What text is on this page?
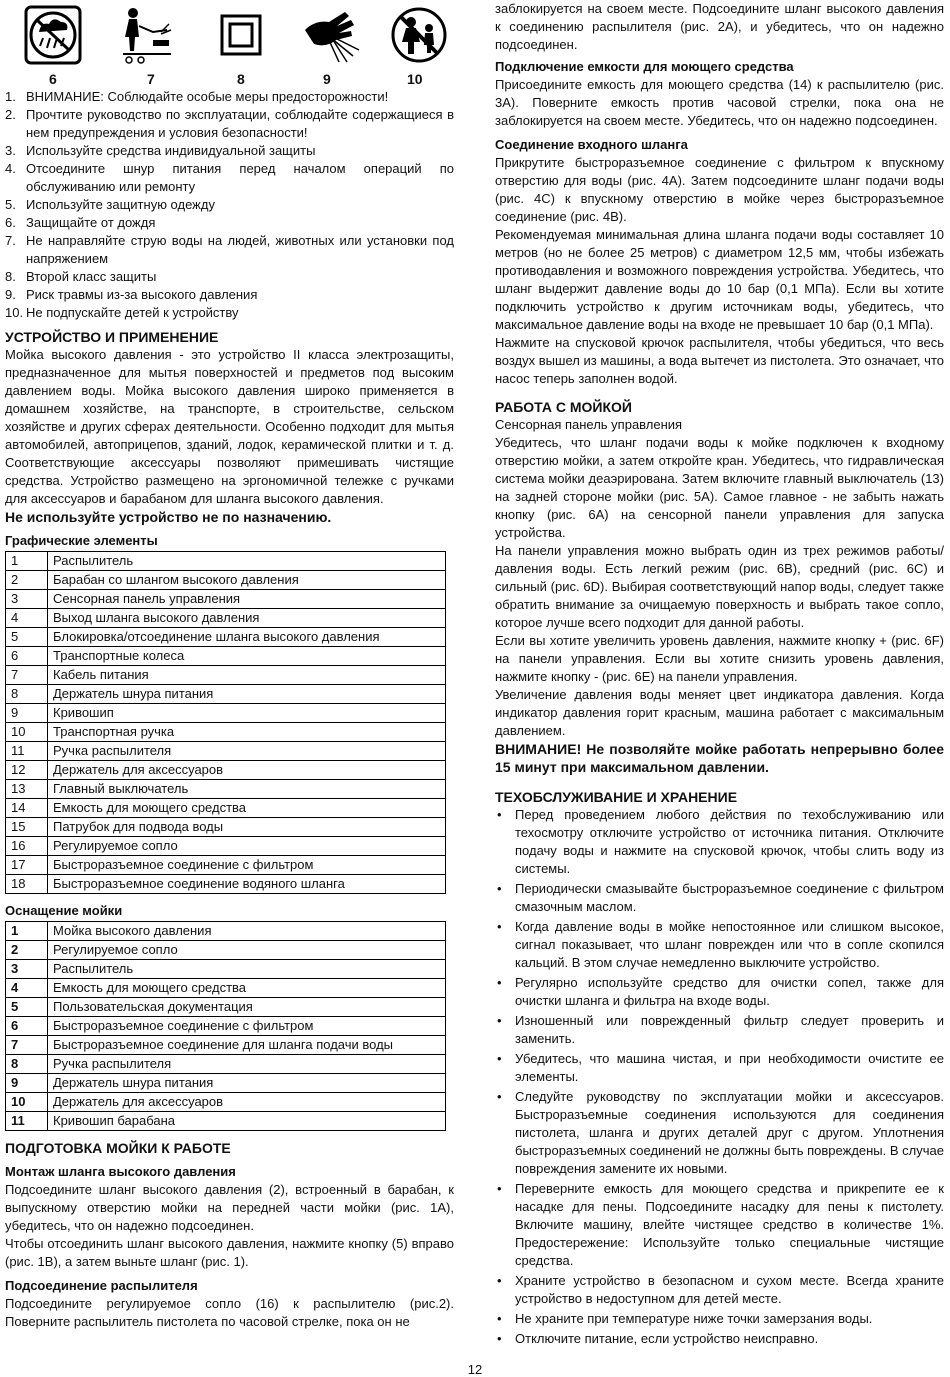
6	7	8	9	10
1. ВНИМАНИЕ: Соблюдайте особые меры предосторожности!
2. Прочтите руководство по эксплуатации, соблюдайте содержащиеся в нем предупреждения и условия безопасности!
3. Используйте средства индивидуальной защиты
4. Отсоедините шнур питания перед началом операций по обслуживанию или ремонту
5. Используйте защитную одежду
6. Защищайте от дождя
7. Не направляйте струю воды на людей, животных или установки под напряжением
8. Второй класс защиты
9. Риск травмы из-за высокого давления
10. Не подпускайте детей к устройству
УСТРОЙСТВО И ПРИМЕНЕНИЕ

Мойка высокого давления - это устройство II класса электрозащиты, предназначенное для мытья поверхностей и предметов под высоким давлением воды. Мойка высокого давления широко применяется в домашнем хозяйстве, на транспорте, в строительстве, сельском хозяйстве и других сферах деятельности. Особенно подходит для мытья автомобилей, автоприцепов, зданий, лодок, керамической плитки и т. д. Соответствующие аксессуары позволяют примешивать чистящие средства. Устройство размещено на эргономичной тележке с ручками для аксессуаров и барабаном для шланга высокого давления.

Не используйте устройство не по назначению.
Графические элементы
1	Распылитель
2	Барабан со шлангом высокого давления
3	Сенсорная панель управления
4	Выход шланга высокого давления
5	Блокировка/отсоединение шланга высокого давления
6	Транспортные колеса
7	Кабель питания
8	Держатель шнура питания
9	Кривошип
10	Транспортная ручка
11	Ручка распылителя
12	Держатель для аксессуаров
13	Главный выключатель
14	Емкость для моющего средства
15	Патрубок для подвода воды
16	Регулируемое сопло
17	Быстроразъемное соединение с фильтром
18	Быстроразъемное соединение водяного шланга
Оснащение мойки
1	Мойка высокого давления
2	Регулируемое сопло
3	Распылитель
4	Емкость для моющего средства
5	Пользовательская документация
6	Быстроразъемное соединение с фильтром
7	Быстроразъемное соединение для шланга подачи воды
8	Ручка распылителя
9	Держатель шнура питания
10	Держатель для аксессуаров
11	Кривошип барабана
ПОДГОТОВКА МОЙКИ К РАБОТЕ
Монтаж шланга высокого давления

Подсоедините шланг высокого давления (2), встроенный в барабан, к выпускному отверстию мойки на передней части мойки (рис. 1A), убедитесь, что он надежно подсоединен.

Чтобы отсоединить шланг высокого давления, нажмите кнопку (5) вправо (рис. 1B), а затем выньте шланг (рис. 1).

Подсоединение распылителя

Подсоедините регулируемое сопло (16) к распылителю (рис.2). Поверните распылитель пистолета по часовой стрелке, пока он не

заблокируется на своем месте. Подсоедините шланг высокого давления к соединению распылителя (рис. 2A), и убедитесь, что он надежно подсоединен.

Подключение емкости для моющего средства

Присоедините емкость для моющего средства (14) к распылителю (рис. 3A). Поверните емкость против часовой стрелки, пока она не заблокируется на своем месте. Убедитесь, что он надежно подсоединен.

Соединение входного шланга

Прикрутите быстроразъемное соединение с фильтром к впускному отверстию для воды (рис. 4A). Затем подсоедините шланг подачи воды (рис. 4C) к впускному отверстию в мойке через быстроразъемное соединение (рис. 4B).

Рекомендуемая минимальная длина шланга подачи воды составляет 10 метров (но не более 25 метров) с диаметром 12,5 мм, чтобы избежать противодавления и возможного повреждения устройства. Убедитесь, что шланг выдержит давление воды до 10 бар (0,1 МПа). Если вы хотите подключить устройство к другим источникам воды, убедитесь, что максимальное давление воды на входе не превышает 10 бар (0,1 МПа).

Нажмите на спусковой крючок распылителя, чтобы убедиться, что весь воздух вышел из машины, а вода вытечет из пистолета. Это означает, что насос теперь заполнен водой.

РАБОТА С МОЙКОЙ
Сенсорная панель управления

Убедитесь, что шланг подачи воды к мойке подключен к входному отверстию мойки, а затем откройте кран. Убедитесь, что гидравлическая система мойки деаэрирована. Затем включите главный выключатель (13) на задней стороне мойки (рис. 5A). Самое главное - не забыть нажать кнопку (рис. 6A) на сенсорной панели управления для запуска устройства.

На панели управления можно выбрать один из трех режимов работы/давления воды. Есть легкий режим (рис. 6B), средний (рис. 6C) и сильный (рис. 6D). Выбирая соответствующий напор воды, следует также обратить внимание за очищаемую поверхность и выбрать такое сопло, которое лучше всего подходит для данной работы.

Если вы хотите увеличить уровень давления, нажмите кнопку + (рис. 6F) на панели управления. Если вы хотите снизить уровень давления, нажмите кнопку - (рис. 6E) на панели управления.

Увеличение давления воды меняет цвет индикатора давления. Когда индикатор давления горит красным, машина работает с максимальным давлением.

ВНИМАНИЕ! Не позволяйте мойке работать непрерывно более 15 минут при максимальном давлении.

ТЕХОБСЛУЖИВАНИЕ И ХРАНЕНИЕ
• Перед проведением любого действия по техобслуживанию или техосмотру отключите устройство от источника питания. Отключите подачу воды и нажмите на спусковой крючок, чтобы слить воду из системы.
• Периодически смазывайте быстроразъемное соединение с фильтром смазочным маслом.
• Когда давление воды в мойке непостоянное или слишком высокое, сигнал показывает, что шланг поврежден или что в сопле скопился кальций. В этом случае немедленно выключите устройство.
• Регулярно используйте средство для очистки сопел, также для очистки шланга и фильтра на входе воды.
• Изношенный или поврежденный фильтр следует проверить и заменить.
• Убедитесь, что машина чистая, и при необходимости очистите ее элементы.
• Следуйте руководству по эксплуатации мойки и аксессуаров. Быстроразъемные соединения используются для соединения пистолета, шланга и других деталей друг с другом. Уплотнения быстроразъемных соединений не должны быть повреждены. В случае повреждения замените их новыми.
• Переверните емкость для моющего средства и прикрепите ее к насадке для пены. Подсоедините насадку для пены к пистолету. Включите машину, влейте чистящее средство в количестве 1%. Предостережение: Используйте только специальные чистящие средства.
• Храните устройство в безопасном и сухом месте. Всегда храните устройство в недоступном для детей месте.
• Не храните при температуре ниже точки замерзания воды.
• Отключите питание, если устройство неисправно.
12
